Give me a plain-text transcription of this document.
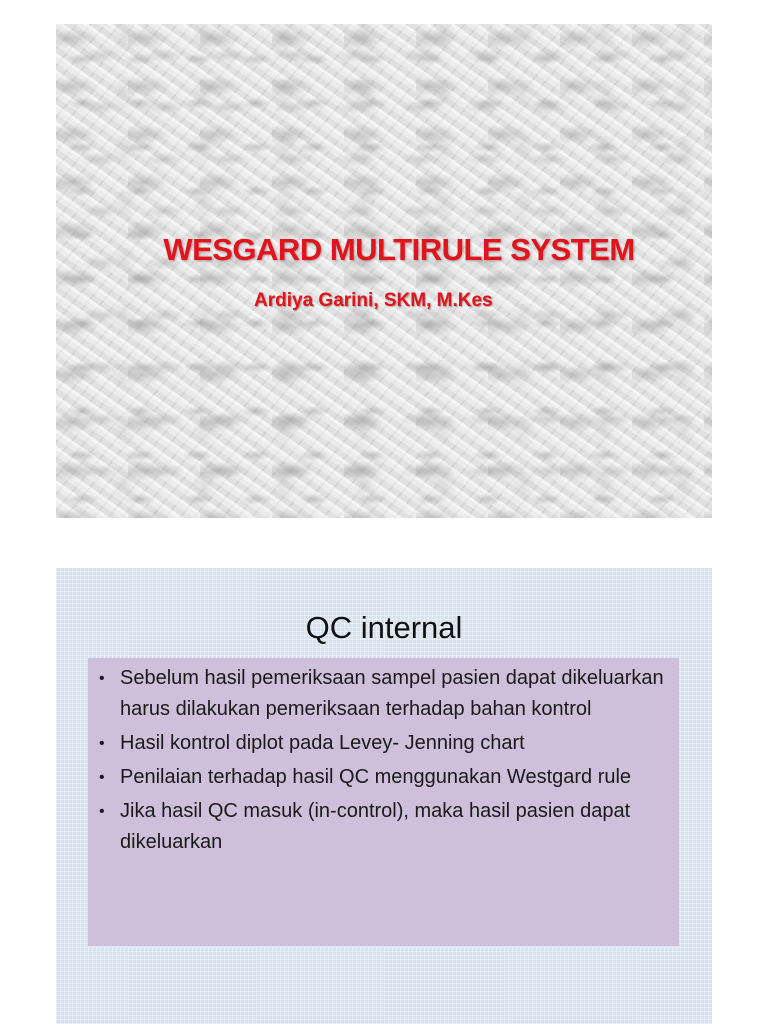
WESGARD MULTIRULE SYSTEM
Ardiya Garini, SKM, M.Kes
QC internal
• Sebelum hasil pemeriksaan sampel pasien dapat dikeluarkan harus dilakukan pemeriksaan terhadap bahan kontrol
• Hasil kontrol diplot pada Levey- Jenning chart
• Penilaian terhadap hasil QC menggunakan Westgard rule
• Jika hasil QC masuk (in-control), maka hasil pasien dapat dikeluarkan
